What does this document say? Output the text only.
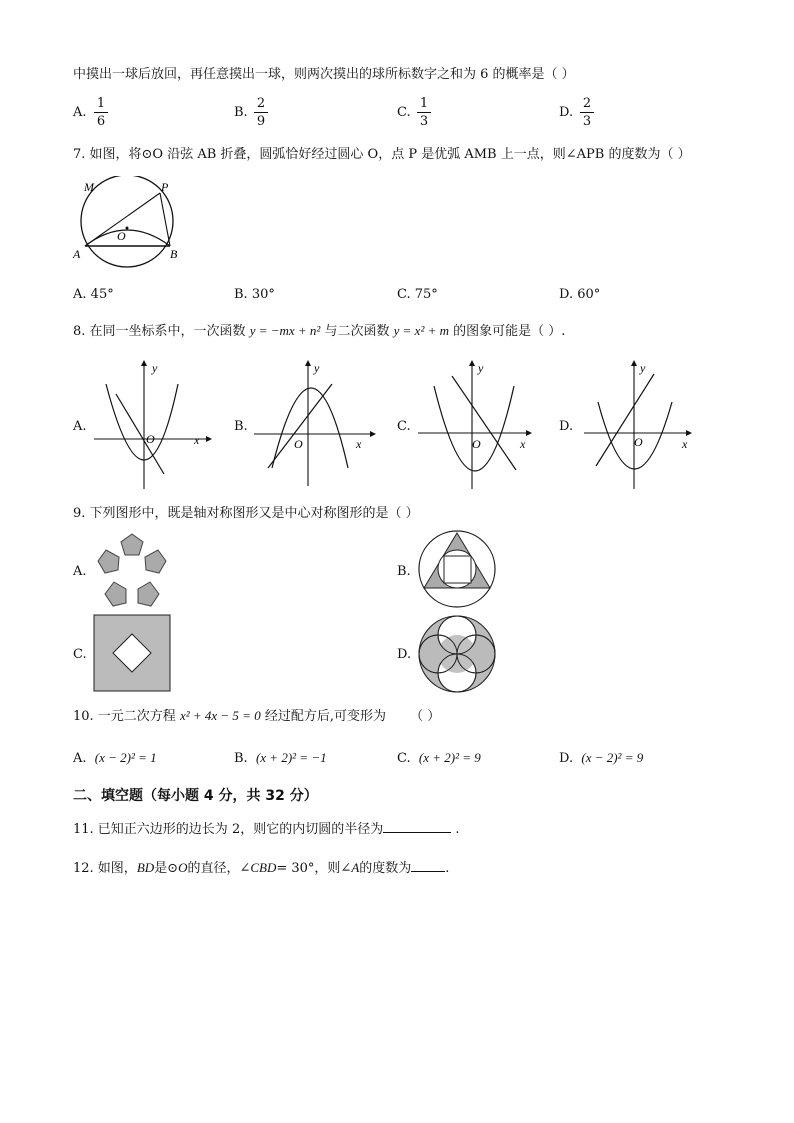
中摸出一球后放回，再任意摸出一球，则两次摸出的球所标数字之和为 6 的概率是（ ）
A.
1
6
B.
2
9
C.
1
3
D.
2
3
7. 如图，将⊙O 沿弦 AB 折叠，圆弧恰好经过圆心 O，点 P 是优弧 AMB 上一点，则∠APB 的度数为（ ）
M	P
O
A	B
A. 45°	B. 30°	C. 75°	D. 60°
8. 在同一坐标系中，一次函数 y = −mx + n² 与二次函数 y = x² + m 的图象可能是（ ）.
A.
y
x
O
B.
y
x
O
C.
y
x
O
D.
y
x
O
9. 下列图形中，既是轴对称图形又是中心对称图形的是（ ）
A.	B.
C.	D.
10. 一元二次方程 x² + 4x − 5 = 0 经过配方后,可变形为 （ ）
A. (x − 2)² = 1	B. (x + 2)² = −1	C. (x + 2)² = 9	D. (x − 2)² = 9
二、填空题（每小题 4 分，共 32 分）
11. 已知正六边形的边长为 2，则它的内切圆的半径为	.
12. 如图，BD是⊙O的直径，∠CBD= 30°，则∠A的度数为	.
